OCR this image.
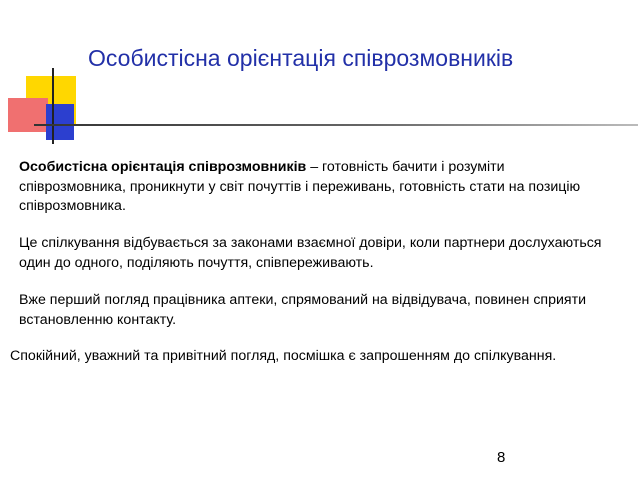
Особистісна орієнтація співрозмовників
Особистісна орієнтація співрозмовників – готовність бачити і розуміти співрозмовника, проникнути у світ почуттів і переживань, готовність стати на позицію співрозмовника.
Це спілкування відбувається за законами взаємної довіри, коли партнери дослухаються один до одного, поділяють почуття, співпереживають.
Вже перший погляд працівника аптеки, спрямований на відвідувача, повинен сприяти встановленню контакту.
Спокійний, уважний та привітний погляд, посмішка є запрошенням до спілкування.
8
